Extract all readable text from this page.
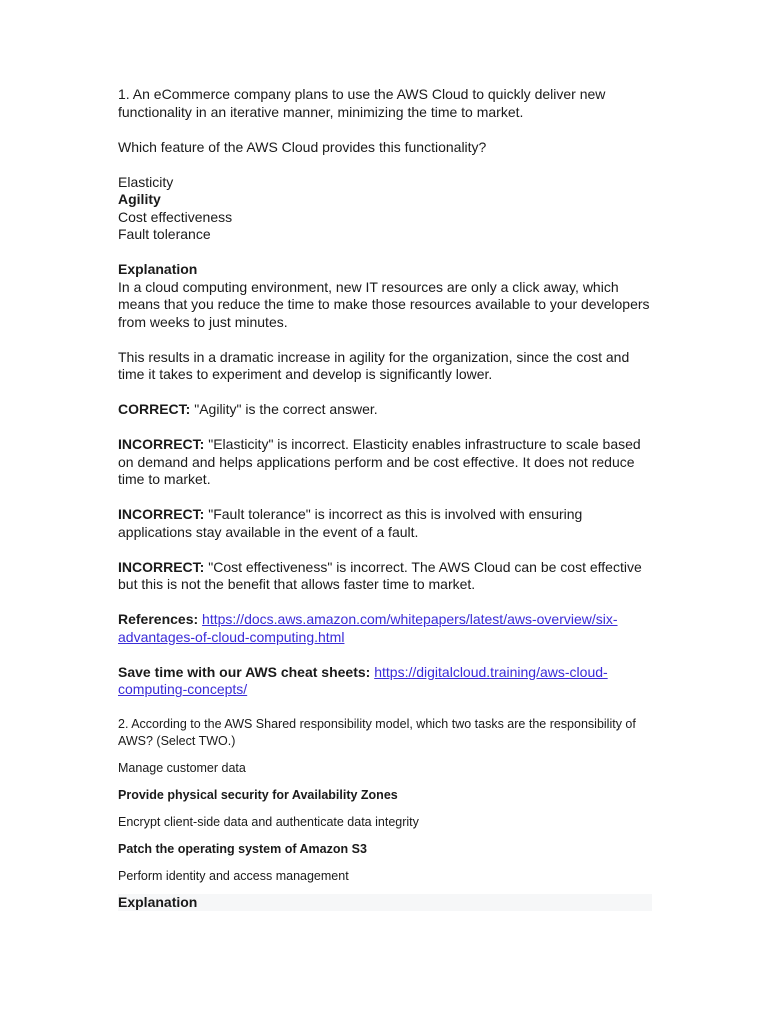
1. An eCommerce company plans to use the AWS Cloud to quickly deliver new functionality in an iterative manner, minimizing the time to market.

Which feature of the AWS Cloud provides this functionality?

Elasticity

Agility

Cost effectiveness

Fault tolerance

Explanation

In a cloud computing environment, new IT resources are only a click away, which means that you reduce the time to make those resources available to your developers from weeks to just minutes.

This results in a dramatic increase in agility for the organization, since the cost and time it takes to experiment and develop is significantly lower.

CORRECT: "Agility" is the correct answer.

INCORRECT: "Elasticity" is incorrect. Elasticity enables infrastructure to scale based on demand and helps applications perform and be cost effective. It does not reduce time to market.

INCORRECT: "Fault tolerance" is incorrect as this is involved with ensuring applications stay available in the event of a fault.

INCORRECT: "Cost effectiveness" is incorrect. The AWS Cloud can be cost effective but this is not the benefit that allows faster time to market.

References: https://docs.aws.amazon.com/whitepapers/latest/aws-overview/six-advantages-of-cloud-computing.html

Save time with our AWS cheat sheets: https://digitalcloud.training/aws-cloud-computing-concepts/

2. According to the AWS Shared responsibility model, which two tasks are the responsibility of AWS? (Select TWO.)

Manage customer data

Provide physical security for Availability Zones

Encrypt client-side data and authenticate data integrity

Patch the operating system of Amazon S3

Perform identity and access management

Explanation
